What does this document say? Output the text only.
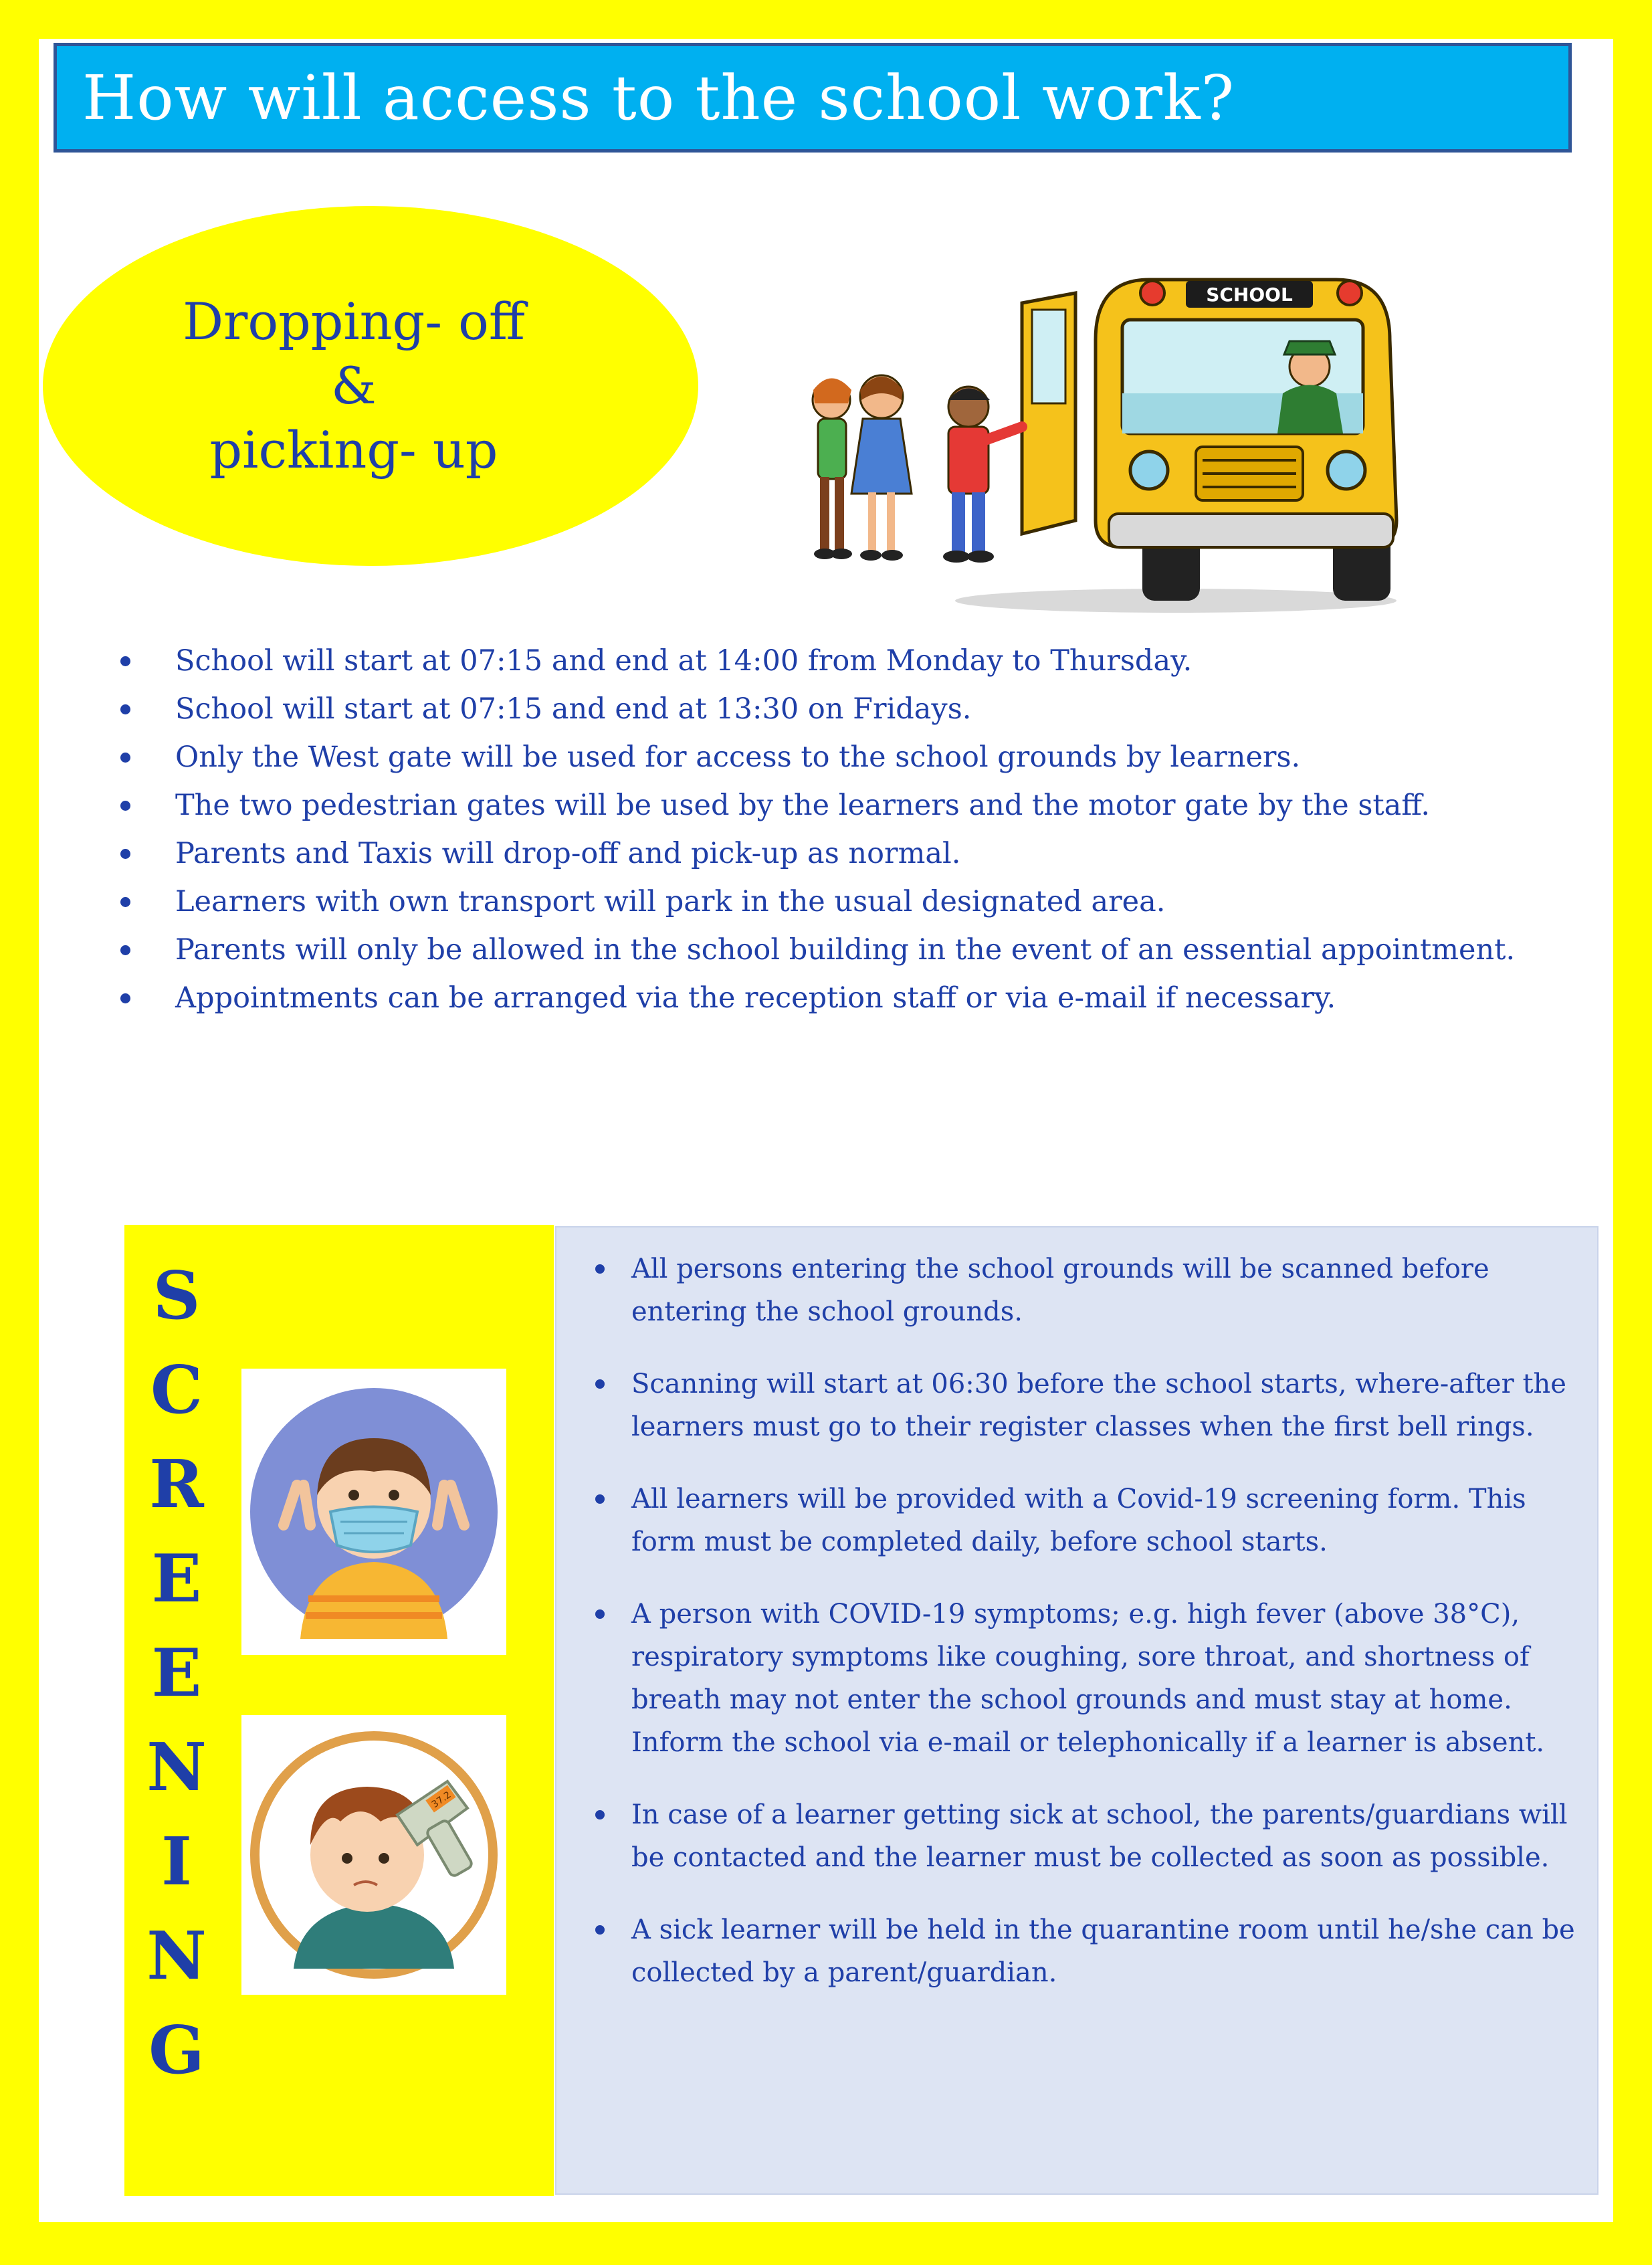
How will access to the school work?
Dropping- off
&
picking- up
SCHOOL
School will start at 07:15 and end at 14:00 from Monday to Thursday.
School will start at 07:15 and end at 13:30 on Fridays.
Only the West gate will be used for access to the school grounds by learners.
The two pedestrian gates will be used by the learners and the motor gate by the staff.
Parents and Taxis will drop-off and pick-up as normal.
Learners with own transport will park in the usual designated area.
Parents will only be allowed in the school building in the event of an essential appointment.
Appointments can be arranged via the reception staff or via e-mail if necessary.
S
C
R
E
E
N
I
N
G
37.2
All persons entering the school grounds will be scanned before entering the school grounds.
Scanning will start at 06:30 before the school starts, where-after the learners must go to their register classes when the first bell rings.
All learners will be provided with a Covid-19 screening form. This form must be completed daily, before school starts.
A person with COVID-19 symptoms; e.g. high fever (above 38°C), respiratory symptoms like coughing, sore throat, and shortness of breath may not enter the school grounds and must stay at home. Inform the school via e-mail or telephonically if a learner is absent.
In case of a learner getting sick at school, the parents/guardians will be contacted and the learner must be collected as soon as possible.
A sick learner will be held in the quarantine room until he/she can be collected by a parent/guardian.
